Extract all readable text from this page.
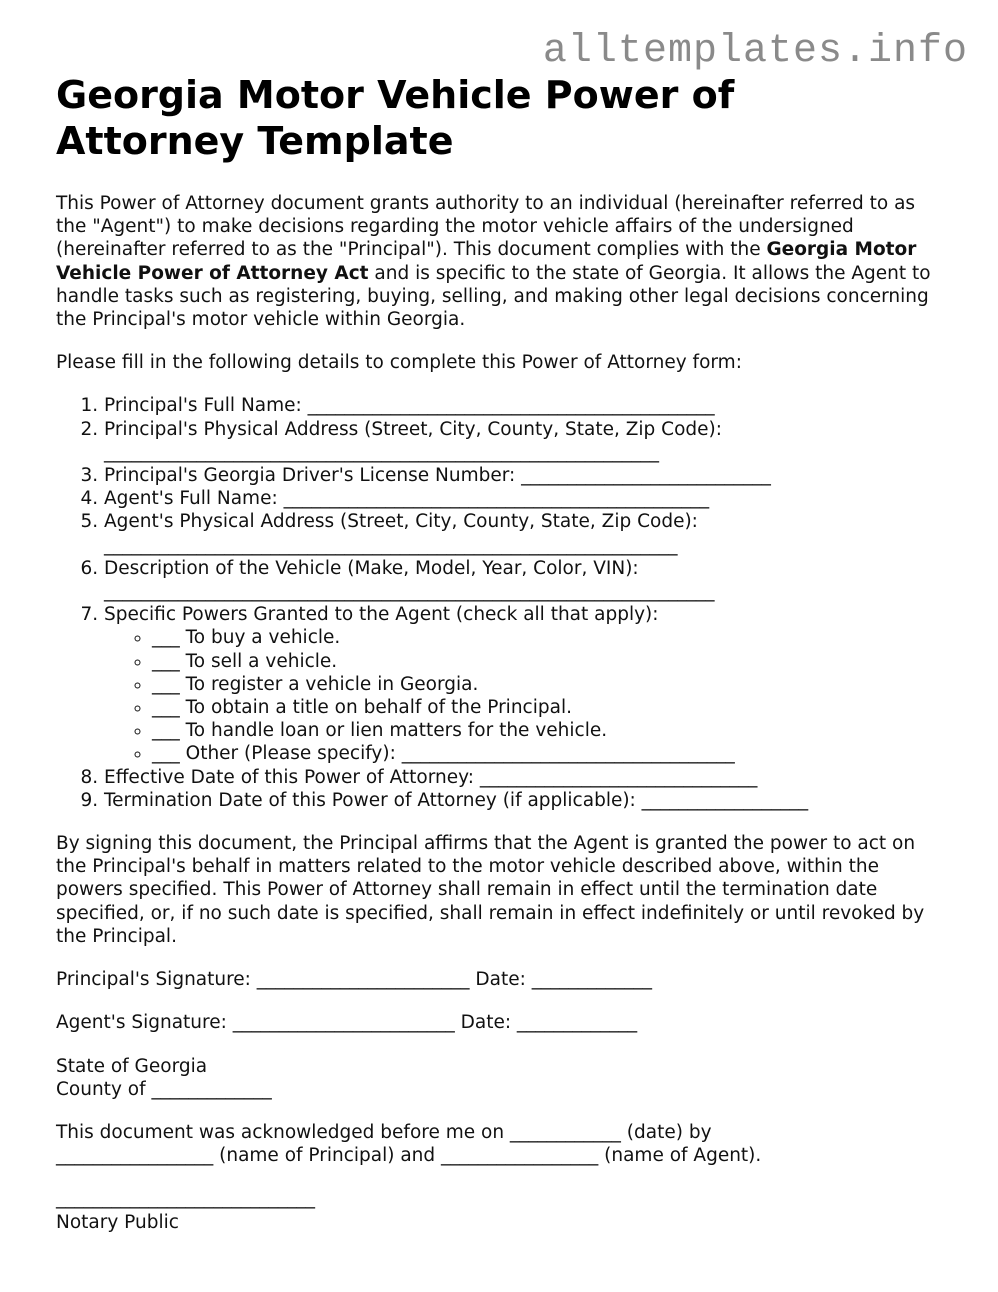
alltemplates.info
Georgia Motor Vehicle Power of
Attorney Template

This Power of Attorney document grants authority to an individual (hereinafter referred to as the "Agent") to make decisions regarding the motor vehicle affairs of the undersigned (hereinafter referred to as the "Principal"). This document complies with the Georgia Motor Vehicle Power of Attorney Act and is specific to the state of Georgia. It allows the Agent to handle tasks such as registering, buying, selling, and making other legal decisions concerning the Principal's motor vehicle within Georgia.

Please fill in the following details to complete this Power of Attorney form:

1. Principal's Full Name: ____________________________________________
2. Principal's Physical Address (Street, City, County, State, Zip Code):
____________________________________________________________
3. Principal's Georgia Driver's License Number: ___________________________
4. Agent's Full Name: ______________________________________________
5. Agent's Physical Address (Street, City, County, State, Zip Code):
______________________________________________________________
6. Description of the Vehicle (Make, Model, Year, Color, VIN):
__________________________________________________________________
7. Specific Powers Granted to the Agent (check all that apply):
◦ ___ To buy a vehicle.
◦ ___ To sell a vehicle.
◦ ___ To register a vehicle in Georgia.
◦ ___ To obtain a title on behalf of the Principal.
◦ ___ To handle loan or lien matters for the vehicle.
◦ ___ Other (Please specify): ____________________________________
8. Effective Date of this Power of Attorney: ______________________________
9. Termination Date of this Power of Attorney (if applicable): __________________

By signing this document, the Principal affirms that the Agent is granted the power to act on the Principal's behalf in matters related to the motor vehicle described above, within the powers specified. This Power of Attorney shall remain in effect until the termination date specified, or, if no such date is specified, shall remain in effect indefinitely or until revoked by the Principal.

Principal's Signature: _______________________ Date: _____________

Agent's Signature: ________________________ Date: _____________

State of Georgia
County of _____________

This document was acknowledged before me on ____________ (date) by
_________________ (name of Principal) and _________________ (name of Agent).

____________________________
Notary Public
